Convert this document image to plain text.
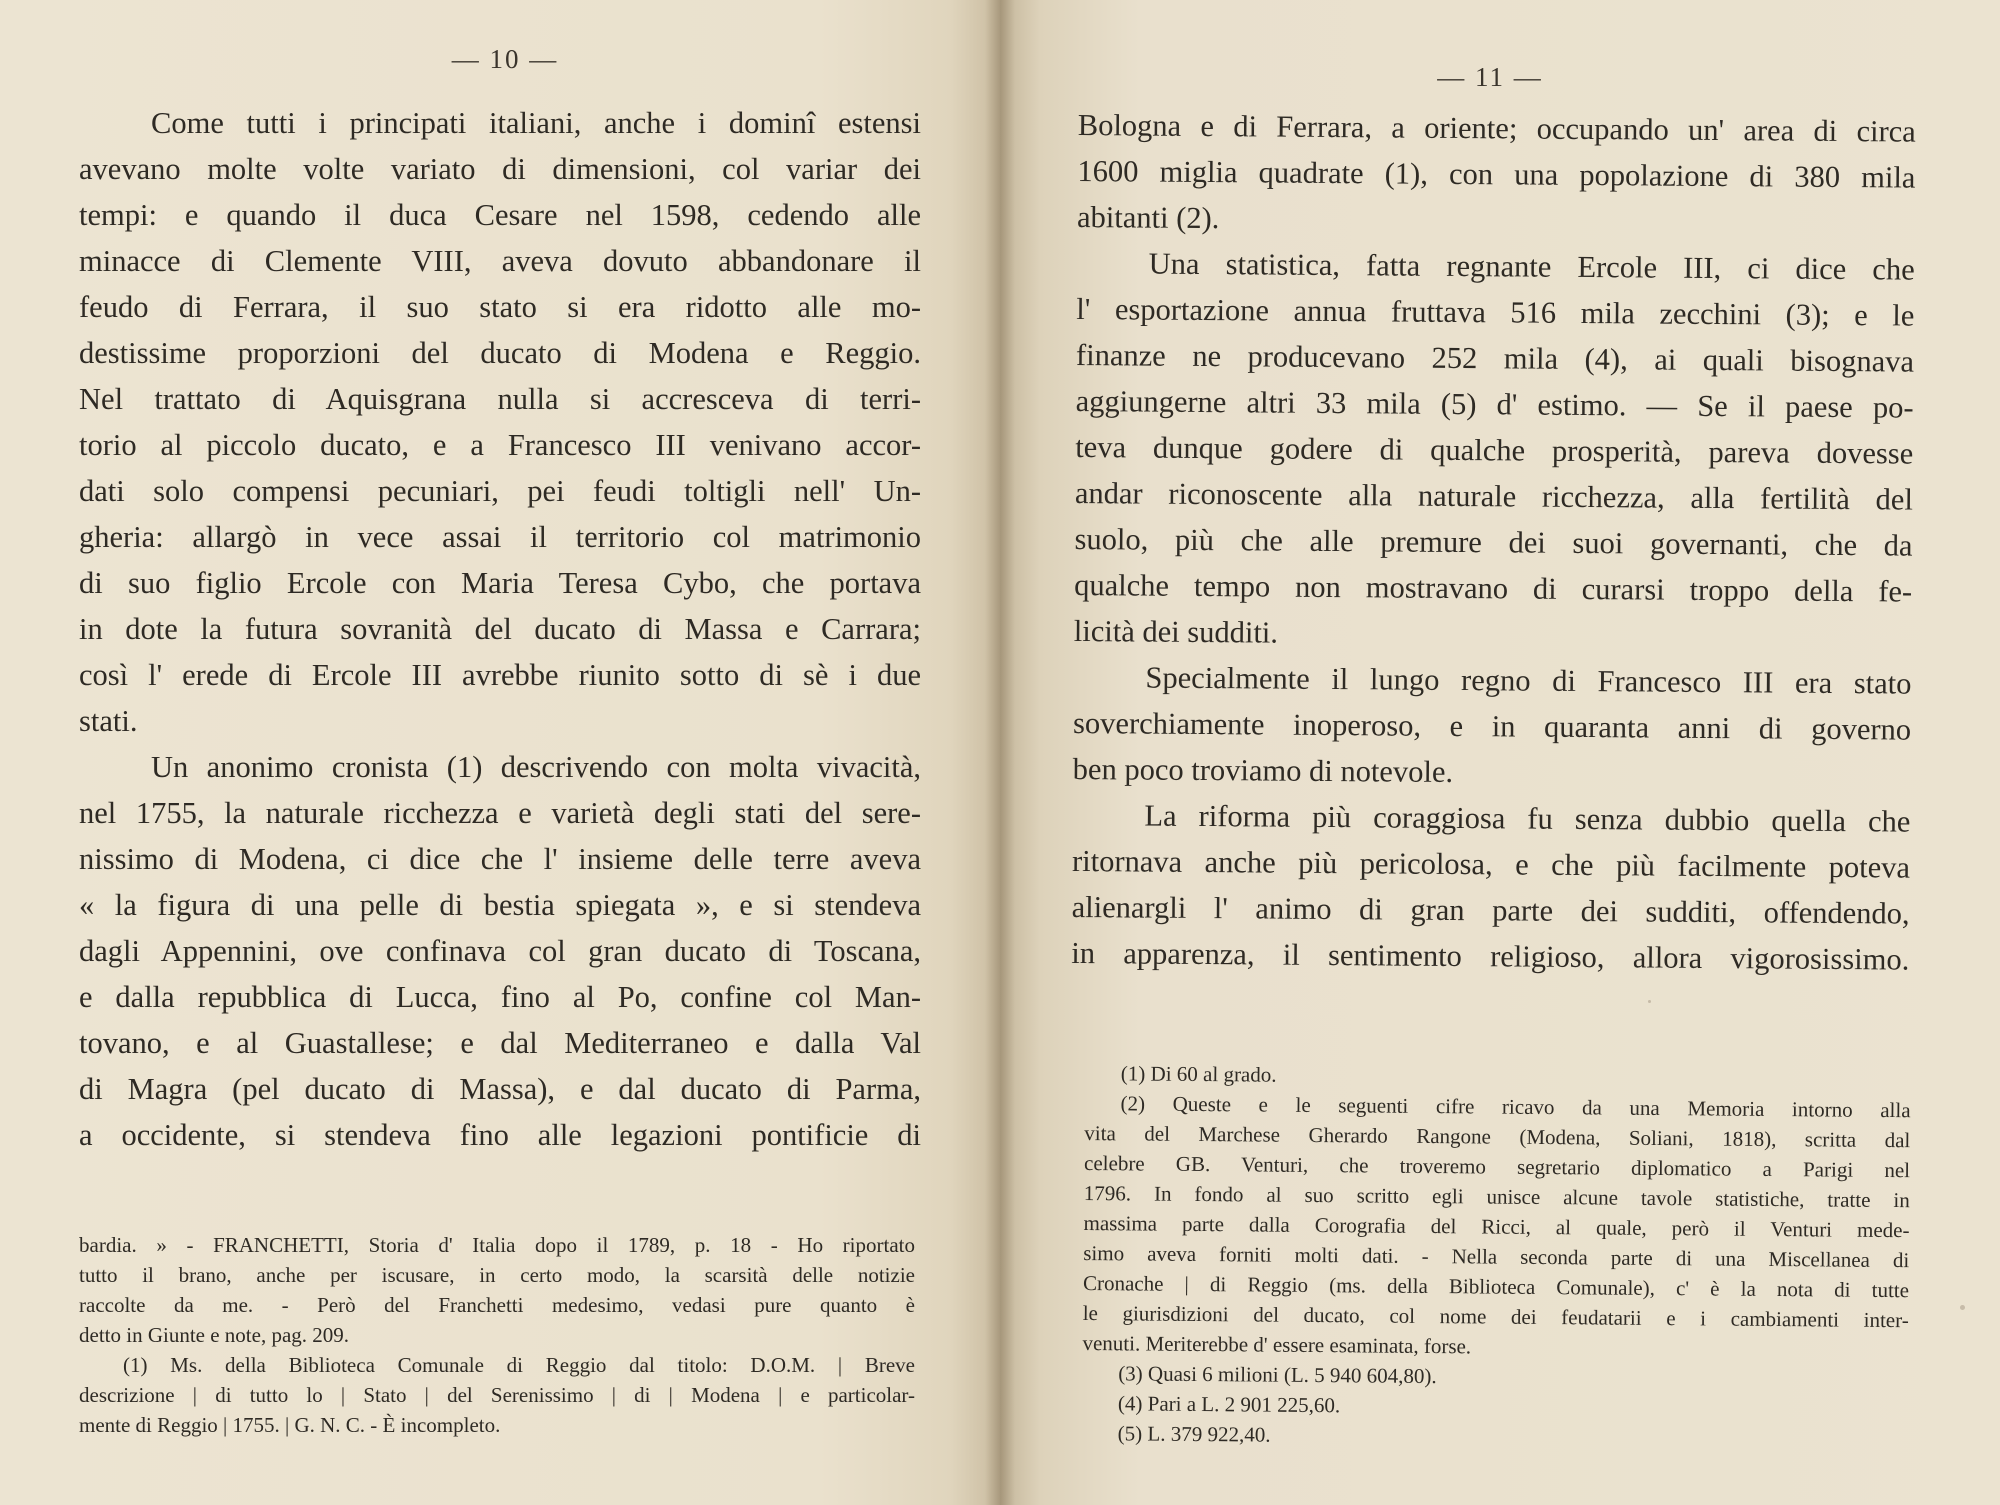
— 10 —
Come tutti i principati italiani, anche i dominî estensi
avevano molte volte variato di dimensioni, col variar dei
tempi: e quando il duca Cesare nel 1598, cedendo alle
minacce di Clemente VIII, aveva dovuto abbandonare il
feudo di Ferrara, il suo stato si era ridotto alle mo-
destissime proporzioni del ducato di Modena e Reggio.
Nel trattato di Aquisgrana nulla si accresceva di terri-
torio al piccolo ducato, e a Francesco III venivano accor-
dati solo compensi pecuniari, pei feudi toltigli nell' Un-
gheria: allargò in vece assai il territorio col matrimonio
di suo figlio Ercole con Maria Teresa Cybo, che portava
in dote la futura sovranità del ducato di Massa e Carrara;
così l' erede di Ercole III avrebbe riunito sotto di sè i due
stati.
Un anonimo cronista (1) descrivendo con molta vivacità,
nel 1755, la naturale ricchezza e varietà degli stati del sere-
nissimo di Modena, ci dice che l' insieme delle terre aveva
« la figura di una pelle di bestia spiegata », e si stendeva
dagli Appennini, ove confinava col gran ducato di Toscana,
e dalla repubblica di Lucca, fino al Po, confine col Man-
tovano, e al Guastallese; e dal Mediterraneo e dalla Val
di Magra (pel ducato di Massa), e dal ducato di Parma,
a occidente, si stendeva fino alle legazioni pontificie di
bardia. » - FRANCHETTI, Storia d' Italia dopo il 1789, p. 18 - Ho riportato
tutto il brano, anche per iscusare, in certo modo, la scarsità delle notizie
raccolte da me. - Però del Franchetti medesimo, vedasi pure quanto è
detto in Giunte e note, pag. 209.
(1) Ms. della Biblioteca Comunale di Reggio dal titolo: D.O.M. | Breve
descrizione | di tutto lo | Stato | del Serenissimo | di | Modena | e particolar-
mente di Reggio | 1755. | G. N. C. - È incompleto.
— 11 —
Bologna e di Ferrara, a oriente; occupando un' area di circa
1600 miglia quadrate (1), con una popolazione di 380 mila
abitanti (2).
Una statistica, fatta regnante Ercole III, ci dice che
l' esportazione annua fruttava 516 mila zecchini (3); e le
finanze ne producevano 252 mila (4), ai quali bisognava
aggiungerne altri 33 mila (5) d' estimo. — Se il paese po-
teva dunque godere di qualche prosperità, pareva dovesse
andar riconoscente alla naturale ricchezza, alla fertilità del
suolo, più che alle premure dei suoi governanti, che da
qualche tempo non mostravano di curarsi troppo della fe-
licità dei sudditi.
Specialmente il lungo regno di Francesco III era stato
soverchiamente inoperoso, e in quaranta anni di governo
ben poco troviamo di notevole.
La riforma più coraggiosa fu senza dubbio quella che
ritornava anche più pericolosa, e che più facilmente poteva
alienargli l' animo di gran parte dei sudditi, offendendo,
in apparenza, il sentimento religioso, allora vigorosissimo.
(1) Di 60 al grado.
(2) Queste e le seguenti cifre ricavo da una Memoria intorno alla
vita del Marchese Gherardo Rangone (Modena, Soliani, 1818), scritta dal
celebre GB. Venturi, che troveremo segretario diplomatico a Parigi nel
1796. In fondo al suo scritto egli unisce alcune tavole statistiche, tratte in
massima parte dalla Corografia del Ricci, al quale, però il Venturi mede-
simo aveva forniti molti dati. - Nella seconda parte di una Miscellanea di
Cronache | di Reggio (ms. della Biblioteca Comunale), c' è la nota di tutte
le giurisdizioni del ducato, col nome dei feudatarii e i cambiamenti inter-
venuti. Meriterebbe d' essere esaminata, forse.
(3) Quasi 6 milioni (L. 5 940 604,80).
(4) Pari a L. 2 901 225,60.
(5) L. 379 922,40.
